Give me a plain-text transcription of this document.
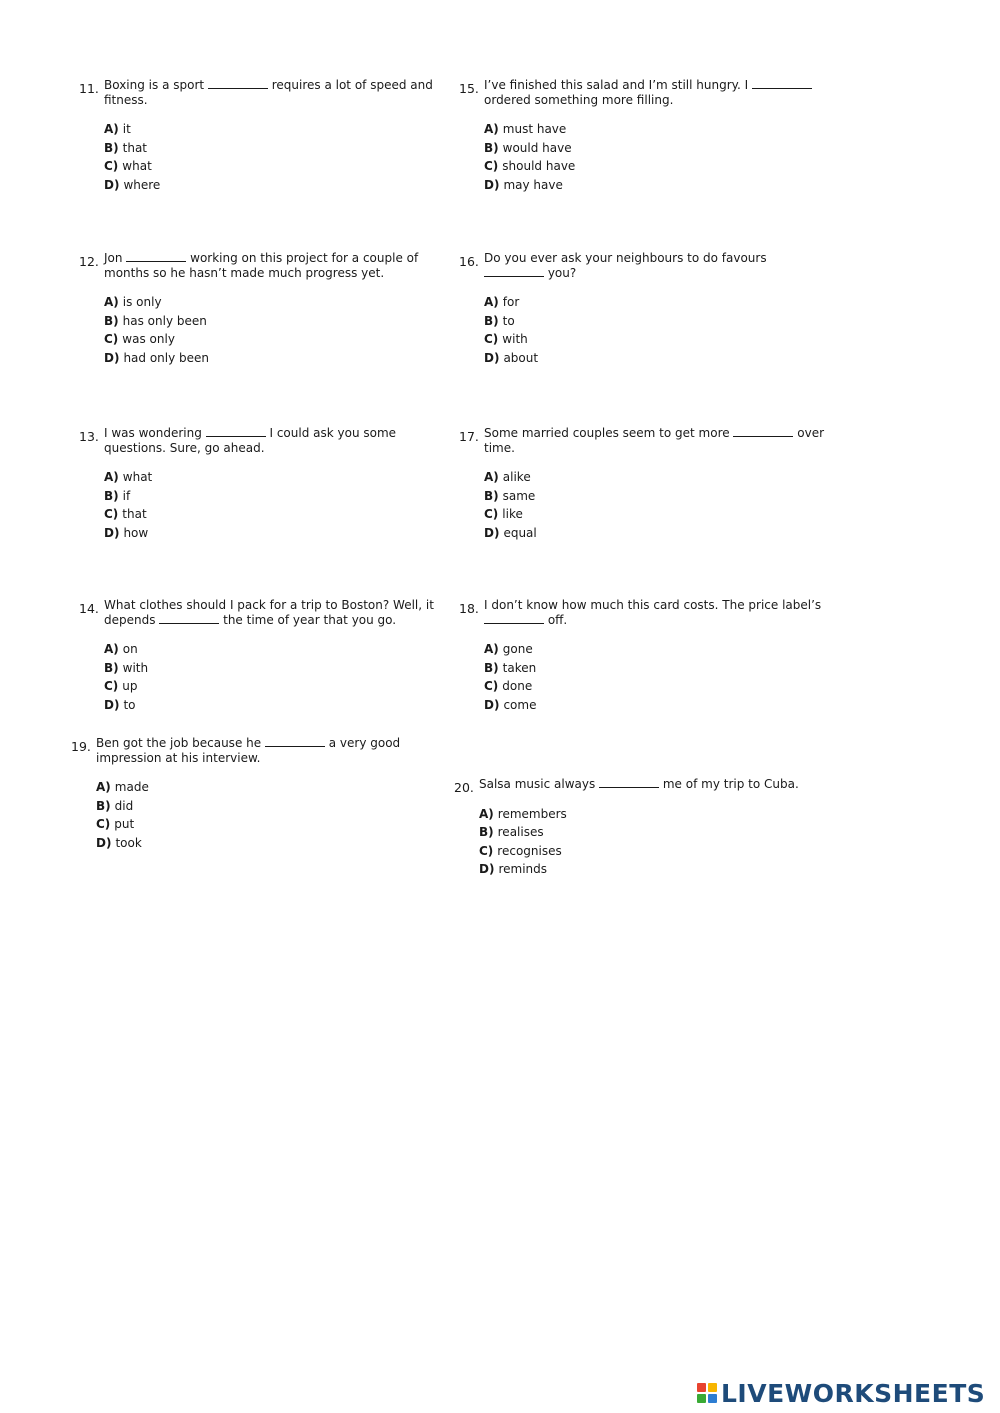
11. Boxing is a sport	requires a lot of speed and fitness.

A) it
B) that
C) what
D) where
12. Jon	working on this project for a couple of months so he hasn’t made much progress yet.

A) is only
B) has only been
C) was only
D) had only been
13. I was wondering	I could ask you some questions. Sure, go ahead.

A) what
B) if
C) that
D) how
14. What clothes should I pack for a trip to Boston? Well, it depends	the time of year that you go.

A) on
B) with
C) up
D) to
15. I’ve finished this salad and I’m still hungry. I  ordered something more filling.

A) must have
B) would have
C) should have
D) may have
16. Do you ever ask your neighbours to do favours  you?

A) for
B) to
C) with
D) about
17. Some married couples seem to get more	over time.

A) alike
B) same
C) like
D) equal
18. I don’t know how much this card costs. The price label’s  off.

A) gone
B) taken
C) done
D) come
19. Ben got the job because he	a very good impression at his interview.

A) made
B) did
C) put
D) took
20. Salsa music always	me of my trip to Cuba.

A) remembers
B) realises
C) recognises
D) reminds
LIVEWORKSHEETS
